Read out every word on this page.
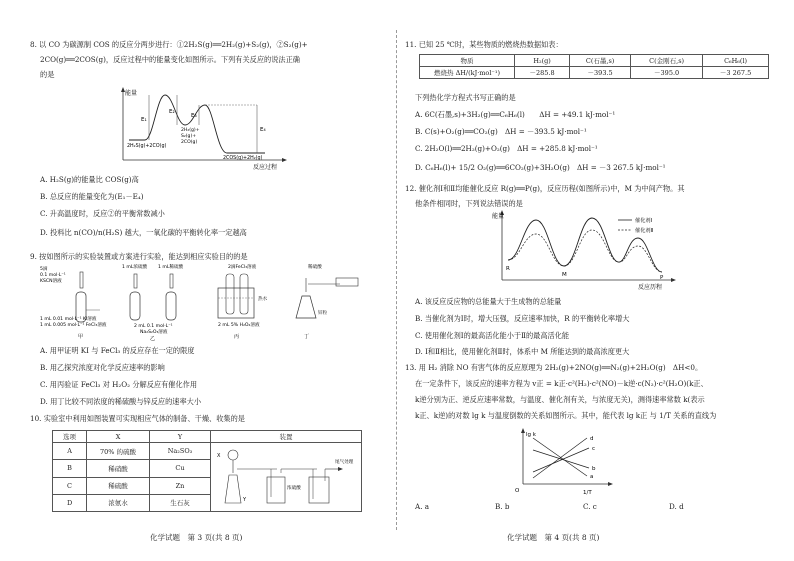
8. 以 CO 为碳源制 COS 的反应分两步进行：①2H₂S(g)══2H₂(g)+S₂(g)，②S₂(g)+
2CO(g)══2COS(g)，反应过程中的能量变化如图所示。下列有关反应的说法正确
的是
能量
反应过程
E₁
E₂
E₃
E₄
2H₂S(g)+2CO(g)
2H₂(g)+
S₂(g)+
2CO(g)
2COS(g)+2H₂(g)
A. H₂S(g)的能量比 COS(g)高
B. 总反应的能量变化为(E₁－E₄)
C. 升高温度时，反应②的平衡常数减小
D. 投料比 n(CO)/n(H₂S) 越大，一氧化碳的平衡转化率一定越高
9. 按如图所示的实验装置或方案进行实验，能达到相应实验目的的是
5滴
0.1 mol·L⁻¹
KSCN溶液
1 mL 0.01 mol·L⁻¹ KI溶液
1 mL 0.005 mol·L⁻¹ FeCl₃溶液
甲
1 mL浓硫酸 1 mL稀硫酸
2 mL 0.1 mol·L⁻¹
Na₂S₂O₃溶液
乙
2滴FeCl₃溶液
热水
2 mL 5% H₂O₂溶液
丙
稀硫酸
锌粒
丁
A. 用甲证明 KI 与 FeCl₃ 的反应存在一定的限度
B. 用乙探究浓度对化学反应速率的影响
C. 用丙验证 FeCl₃ 对 H₂O₂ 分解反应有催化作用
D. 用丁比较不同浓度的稀硫酸与锌反应的速率大小
10. 实验室中利用如图装置可实现相应气体的制备、干燥、收集的是
选项	X	Y	装置
A	70% 的硫酸	Na₂SO₃	X
Y
浓硫酸
尾气处理

B	稀硝酸	Cu	
C	稀硫酸	Zn	
D	浓氨水	生石灰	
化学试题　第 3 页(共 8 页)
11. 已知 25 ℃时，某些物质的燃烧热数据如表：
物质	H₂(g)	C(石墨,s)	C(金刚石,s)	C₆H₆(l)
燃烧热 ΔH/(kJ·mol⁻¹)	－285.8	－393.5	－395.0	－3 267.5
下列热化学方程式书写正确的是
A. 6C(石墨,s)+3H₂(g)══C₆H₆(l)　　ΔH = +49.1 kJ·mol⁻¹
B. C(s)+O₂(g)══CO₂(g)　ΔH = －393.5 kJ·mol⁻¹
C. 2H₂O(l)══2H₂(g)+O₂(g)　ΔH = +285.8 kJ·mol⁻¹
D. C₆H₆(l)+ 15/2 O₂(g)══6CO₂(g)+3H₂O(g)　ΔH = －3 267.5 kJ·mol⁻¹
12. 催化剂Ⅰ和Ⅱ均能催化反应 R(g)══P(g)，反应历程(如图所示)中，M 为中间产物。其
他条件相同时，下列说法错误的是
能量
反应历程
催化剂Ⅰ
催化剂Ⅱ
R
M	P
A. 该反应反应物的总能量大于生成物的总能量
B. 当催化剂为Ⅰ时，增大压强，反应速率加快，R 的平衡转化率增大
C. 使用催化剂Ⅰ的最高活化能小于Ⅱ的最高活化能
D. Ⅰ和Ⅱ相比，使用催化剂Ⅱ时，体系中 M 所能达到的最高浓度更大
13. 用 H₂ 消除 NO 有害气体的反应原理为 2H₂(g)+2NO(g)══N₂(g)+2H₂O(g)　ΔH<0。
在一定条件下，该反应的速率方程为 v正 = k正·c²(H₂)·c²(NO)－k逆·c(N₂)·c²(H₂O)(k正、
k逆分别为正、逆反应速率常数，与温度、催化剂有关，与浓度无关)，测得速率常数 k(表示
k正、k逆)的对数 lg k 与温度倒数的关系如图所示。其中，能代表 lg k正 与 1/T 关系的直线为
lg k
O	1/T
a
b
c
d
A. a	B. b	C. c	D. d
化学试题　第 4 页(共 8 页)
